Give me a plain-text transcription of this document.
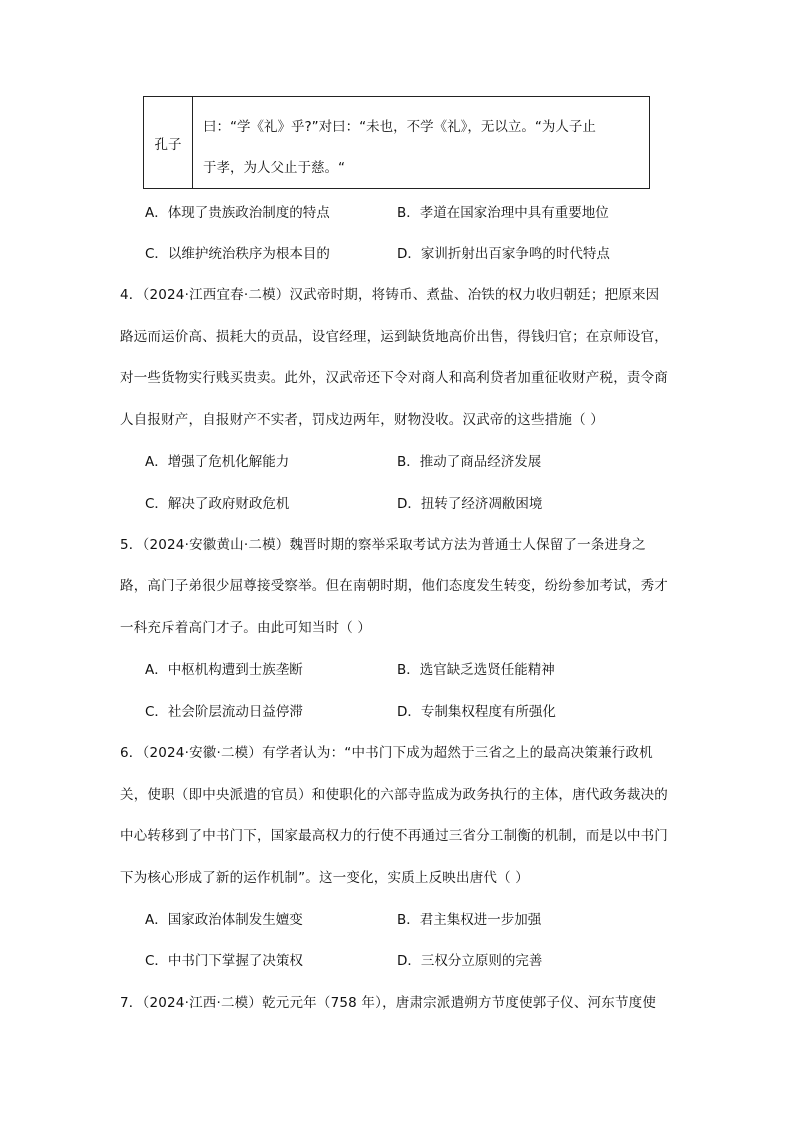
孔子
曰：“学《礼》乎?”对曰：“未也，不学《礼》，无以立。“为人子止
于孝，为人父止于慈。“
A．体现了贵族政治制度的特点	B．孝道在国家治理中具有重要地位
C．以维护统治秩序为根本目的	D．家训折射出百家争鸣的时代特点
4．（2024·江西宜春·二模）汉武帝时期，将铸币、煮盐、冶铁的权力收归朝廷；把原来因
路远而运价高、损耗大的贡品，设官经理，运到缺货地高价出售，得钱归官；在京师设官，
对一些货物实行贱买贵卖。此外，汉武帝还下令对商人和高利贷者加重征收财产税，责令商
人自报财产，自报财产不实者，罚戍边两年，财物没收。汉武帝的这些措施（ ）
A．增强了危机化解能力	B．推动了商品经济发展
C．解决了政府财政危机	D．扭转了经济凋敝困境
5．（2024·安徽黄山·二模）魏晋时期的察举采取考试方法为普通士人保留了一条进身之
路，高门子弟很少屈尊接受察举。但在南朝时期，他们态度发生转变，纷纷参加考试，秀才
一科充斥着高门才子。由此可知当时（ ）
A．中枢机构遭到士族垄断	B．选官缺乏选贤任能精神
C．社会阶层流动日益停滞	D．专制集权程度有所强化
6．（2024·安徽·二模）有学者认为：“中书门下成为超然于三省之上的最高决策兼行政机
关，使职（即中央派遣的官员）和使职化的六部寺监成为政务执行的主体，唐代政务裁决的
中心转移到了中书门下，国家最高权力的行使不再通过三省分工制衡的机制，而是以中书门
下为核心形成了新的运作机制”。这一变化，实质上反映出唐代（ ）
A．国家政治体制发生嬗变	B．君主集权进一步加强
C．中书门下掌握了决策权	D．三权分立原则的完善
7．（2024·江西·二模）乾元元年（758 年），唐肃宗派遣朔方节度使郭子仪、河东节度使
